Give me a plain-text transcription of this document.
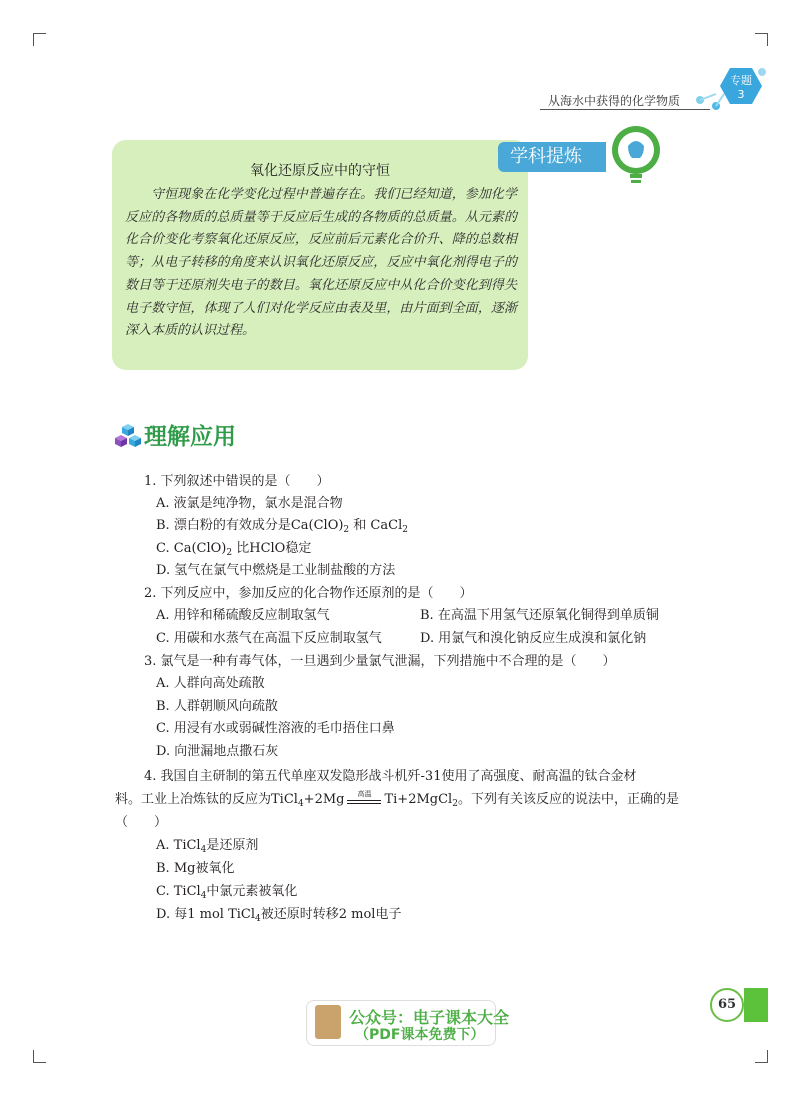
从海水中获得的化学物质
专题
3
氧化还原反应中的守恒
守恒现象在化学变化过程中普遍存在。我们已经知道，参加化学反应的各物质的总质量等于反应后生成的各物质的总质量。从元素的化合价变化考察氧化还原反应，反应前后元素化合价升、降的总数相等；从电子转移的角度来认识氧化还原反应，反应中氧化剂得电子的数目等于还原剂失电子的数目。氧化还原反应中从化合价变化到得失电子数守恒，体现了人们对化学反应由表及里，由片面到全面，逐渐深入本质的认识过程。
学科提炼
理解应用
1. 下列叙述中错误的是（　　）
A. 液氯是纯净物，氯水是混合物
B. 漂白粉的有效成分是$Ca(ClO)_2$ 和 CaCl$_2$
C. $Ca(ClO)_2$ 比HClO稳定
D. 氢气在氯气中燃烧是工业制盐酸的方法
2. 下列反应中，参加反应的化合物作还原剂的是（　　）
A. 用锌和稀硫酸反应制取氢气	B. 在高温下用氢气还原氧化铜得到单质铜
C. 用碳和水蒸气在高温下反应制取氢气	D. 用氯气和溴化钠反应生成溴和氯化钠
3. 氯气是一种有毒气体，一旦遇到少量氯气泄漏，下列措施中不合理的是（　　）
A. 人群向高处疏散
B. 人群朝顺风向疏散
C. 用浸有水或弱碱性溶液的毛巾捂住口鼻
D. 向泄漏地点撒石灰
4. 我国自主研制的第五代单座双发隐形战斗机歼-31使用了高强度、耐高温的钛合金材
料。工业上冶炼钛的反应为TiCl$_4$+2Mg	高温	Ti+2MgCl$_2$。下列有关该反应的说法中，正确的是
（　　）
A. TiCl$_4$是还原剂
B. Mg被氧化
C. TiCl$_4$中氯元素被氧化
D. 每1 mol TiCl$_4$被还原时转移2 mol电子
65
公众号：电子课本大全
（PDF课本免费下）
